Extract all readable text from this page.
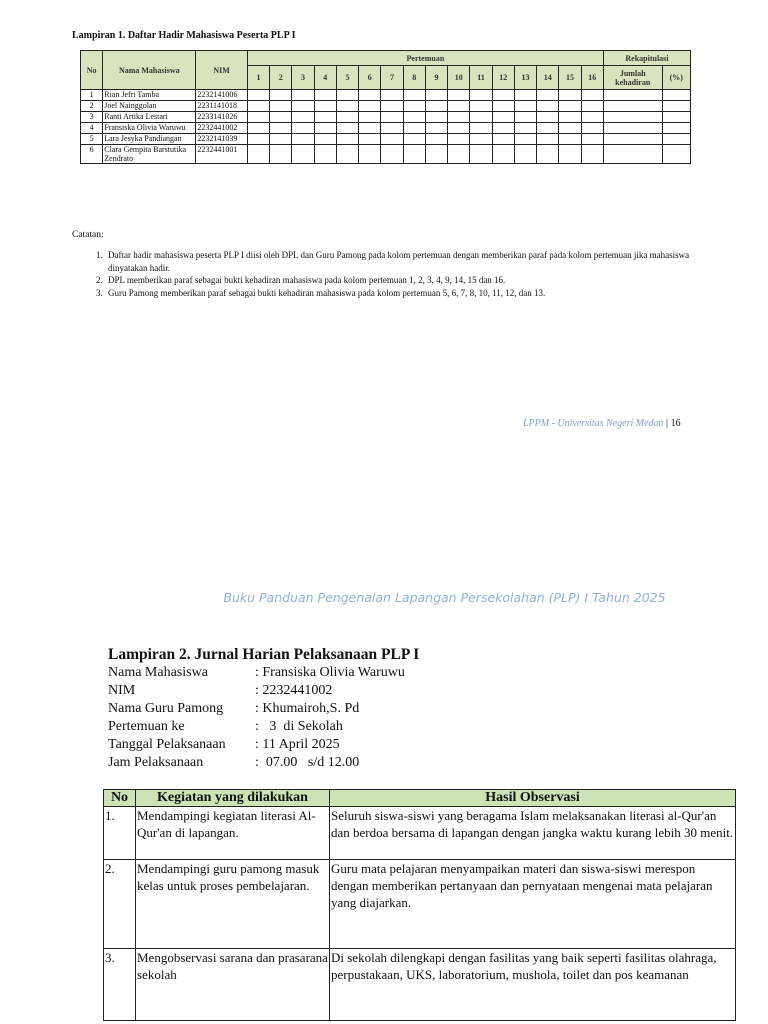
Lampiran 1. Daftar Hadir Mahasiswa Peserta PLP I
No	Nama Mahasiswa	NIM	Pertemuan																Rekapitulasi	
			1	2	3	4	5	6	7	8	9	10	11	12	13	14	15	16	Jumlah kehadiran	(%)
1	Rian Jefri Tamba	2232141006																		
2	Joel Nainggolan	2231141018																		
3	Ranti Artika Lestari	2233141026																		
4	Fransiska Olivia Waruwu	2232441002																		
5	Lara Jesyka Pandiangan	2232141039																		
6	Clara Gempita Barstutika Zendrato	2232441001																		
Catatan:
1. Daftar hadir mahasiswa peserta PLP I diisi oleh DPL dan Guru Pamong pada kolom pertemuan dengan memberikan paraf pada kolom pertemuan jika mahasiswa dinyatakan hadir.
2. DPL memberikan paraf sebagai bukti kehadiran mahasiswa pada kolom pertemuan 1, 2, 3, 4, 9, 14, 15 dan 16.
3. Guru Pamong memberikan paraf sebagai bukti kehadiran mahasiswa pada kolom pertemuan 5, 6, 7, 8, 10, 11, 12, dan 13.
LPPM - Universitas Negeri Medan | 16
Buku Panduan Pengenalan Lapangan Persekolahan (PLP) I Tahun 2025
Lampiran 2. Jurnal Harian Pelaksanaan PLP I
Nama Mahasiswa	: Fransiska Olivia Waruwu
NIM	: 2232441002
Nama Guru Pamong	: Khumairoh,S. Pd
Pertemuan ke	:   3  di Sekolah
Tanggal Pelaksanaan	: 11 April 2025
Jam Pelaksanaan	:  07.00   s/d 12.00
No	Kegiatan yang dilakukan	Hasil Observasi
1.	Mendampingi kegiatan literasi Al-Qur'an di lapangan.	Seluruh siswa-siswi yang beragama Islam melaksanakan literasi al-Qur'an dan berdoa bersama di lapangan dengan jangka waktu kurang lebih 30 menit.
2.	Mendampingi guru pamong masuk kelas untuk proses pembelajaran.	Guru mata pelajaran menyampaikan materi dan siswa-siswi merespon dengan memberikan pertanyaan dan pernyataan mengenai mata pelajaran yang diajarkan.
3.	Mengobservasi sarana dan prasarana sekolah	Di sekolah dilengkapi dengan fasilitas yang baik seperti fasilitas olahraga, perpustakaan, UKS, laboratorium, mushola, toilet dan pos keamanan
